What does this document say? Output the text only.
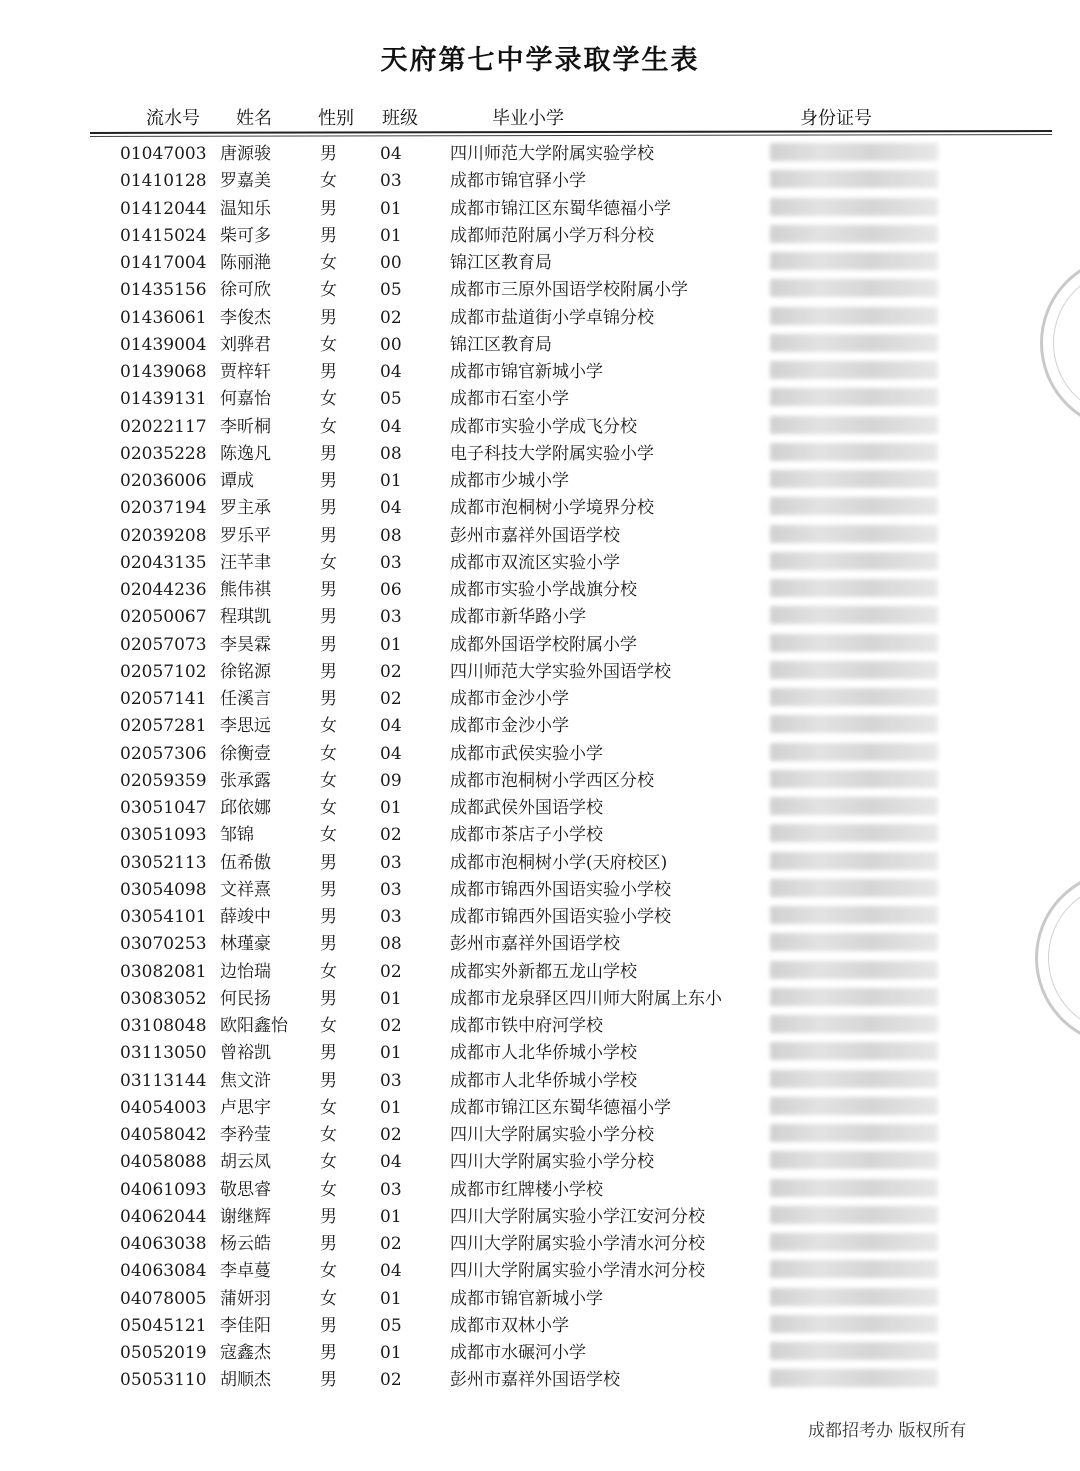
天府第七中学录取学生表
流水号 姓名	性别 班级	毕业小学	身份证号
01047003 唐源骏	男	04	四川师范大学附属实验学校
01410128 罗嘉美	女	03	成都市锦官驿小学
01412044 温知乐	男	01	成都市锦江区东蜀华德福小学
01415024 柴可多	男	01	成都师范附属小学万科分校
01417004 陈丽滟	女	00	锦江区教育局
01435156 徐可欣	女	05	成都市三原外国语学校附属小学
01436061 李俊杰	男	02	成都市盐道街小学卓锦分校
01439004 刘骅君	女	00	锦江区教育局
01439068 贾梓轩	男	04	成都市锦官新城小学
01439131 何嘉怡	女	05	成都市石室小学
02022117 李昕桐	女	04	成都市实验小学成飞分校
02035228 陈逸凡	男	08	电子科技大学附属实验小学
02036006 谭成	男	01	成都市少城小学
02037194 罗主承	男	04	成都市泡桐树小学境界分校
02039208 罗乐平	男	08	彭州市嘉祥外国语学校
02043135 汪芊聿	女	03	成都市双流区实验小学
02044236 熊伟祺	男	06	成都市实验小学战旗分校
02050067 程琪凯	男	03	成都市新华路小学
02057073 李昊霖	男	01	成都外国语学校附属小学
02057102 徐铭源	男	02	四川师范大学实验外国语学校
02057141 任溪言	男	02	成都市金沙小学
02057281 李思远	女	04	成都市金沙小学
02057306 徐衡壹	女	04	成都市武侯实验小学
02059359 张承露	女	09	成都市泡桐树小学西区分校
03051047 邱依娜	女	01	成都武侯外国语学校
03051093 邹锦	女	02	成都市茶店子小学校
03052113 伍希傲	男	03	成都市泡桐树小学(天府校区)
03054098 文祥熹	男	03	成都市锦西外国语实验小学校
03054101 薛竣中	男	03	成都市锦西外国语实验小学校
03070253 林瑾豪	男	08	彭州市嘉祥外国语学校
03082081 边怡瑞	女	02	成都实外新都五龙山学校
03083052 何民扬	男	01	成都市龙泉驿区四川师大附属上东小
03108048 欧阳鑫怡 女	02	成都市铁中府河学校
03113050 曾裕凯	男	01	成都市人北华侨城小学校
03113144 焦文浒	男	03	成都市人北华侨城小学校
04054003 卢思宇	女	01	成都市锦江区东蜀华德福小学
04058042 李矜莹	女	02	四川大学附属实验小学分校
04058088 胡云凤	女	04	四川大学附属实验小学分校
04061093 敬思睿	女	03	成都市红牌楼小学校
04062044 谢继辉	男	01	四川大学附属实验小学江安河分校
04063038 杨云皓	男	02	四川大学附属实验小学清水河分校
04063084 李卓蔓	女	04	四川大学附属实验小学清水河分校
04078005 蒲妍羽	女	01	成都市锦官新城小学
05045121 李佳阳	男	05	成都市双林小学
05052019 寇鑫杰	男	01	成都市水碾河小学
05053110 胡顺杰	男	02	彭州市嘉祥外国语学校
成都招考办 版权所有
